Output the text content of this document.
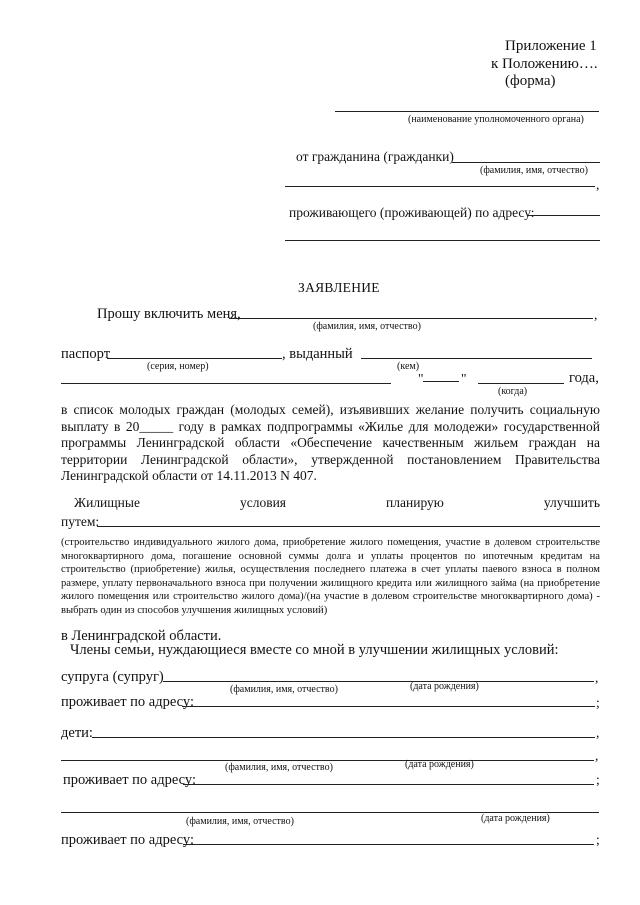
Приложение 1
к Положению….
(форма)
(наименование уполномоченного органа)
от гражданина (гражданки)
(фамилия, имя, отчество)
,
проживающего (проживающей) по адресу:
ЗАЯВЛЕНИЕ
Прошу включить меня,	,
(фамилия, имя, отчество)
паспорт	, выданный
(серия, номер)	(кем)
"	"	года,
(когда)
в список молодых граждан (молодых семей), изъявивших желание получить социальную выплату в 20_____ году в рамках подпрограммы «Жилье для молодежи» государственной программы Ленинградской области «Обеспечение качественным жильем граждан на территории Ленинградской области», утвержденной постановлением Правительства Ленинградской области от 14.11.2013 N 407.
Жилищные	условия	планирую	улучшить
путем:
(строительство индивидуального жилого дома, приобретение жилого помещения, участие в долевом строительстве многоквартирного дома, погашение основной суммы долга и уплаты процентов по ипотечным кредитам на строительство (приобретение) жилья, осуществления последнего платежа в счет уплаты паевого взноса в полном размере, уплату первоначального взноса при получении жилищного кредита или жилищного займа (на приобретение жилого помещения или строительство жилого дома)/(на участие в долевом строительстве многоквартирного дома) - выбрать один из способов улучшения жилищных условий)
в Ленинградской области.
Члены семьи, нуждающиеся вместе со мной в улучшении жилищных условий:
супруга (супруг)	,
(фамилия, имя, отчество)	(дата рождения)
проживает по адресу:	;
дети:	,
,
(фамилия, имя, отчество)	(дата рождения)
проживает по адресу:	;
(фамилия, имя, отчество)	(дата рождения)
проживает по адресу:	;
